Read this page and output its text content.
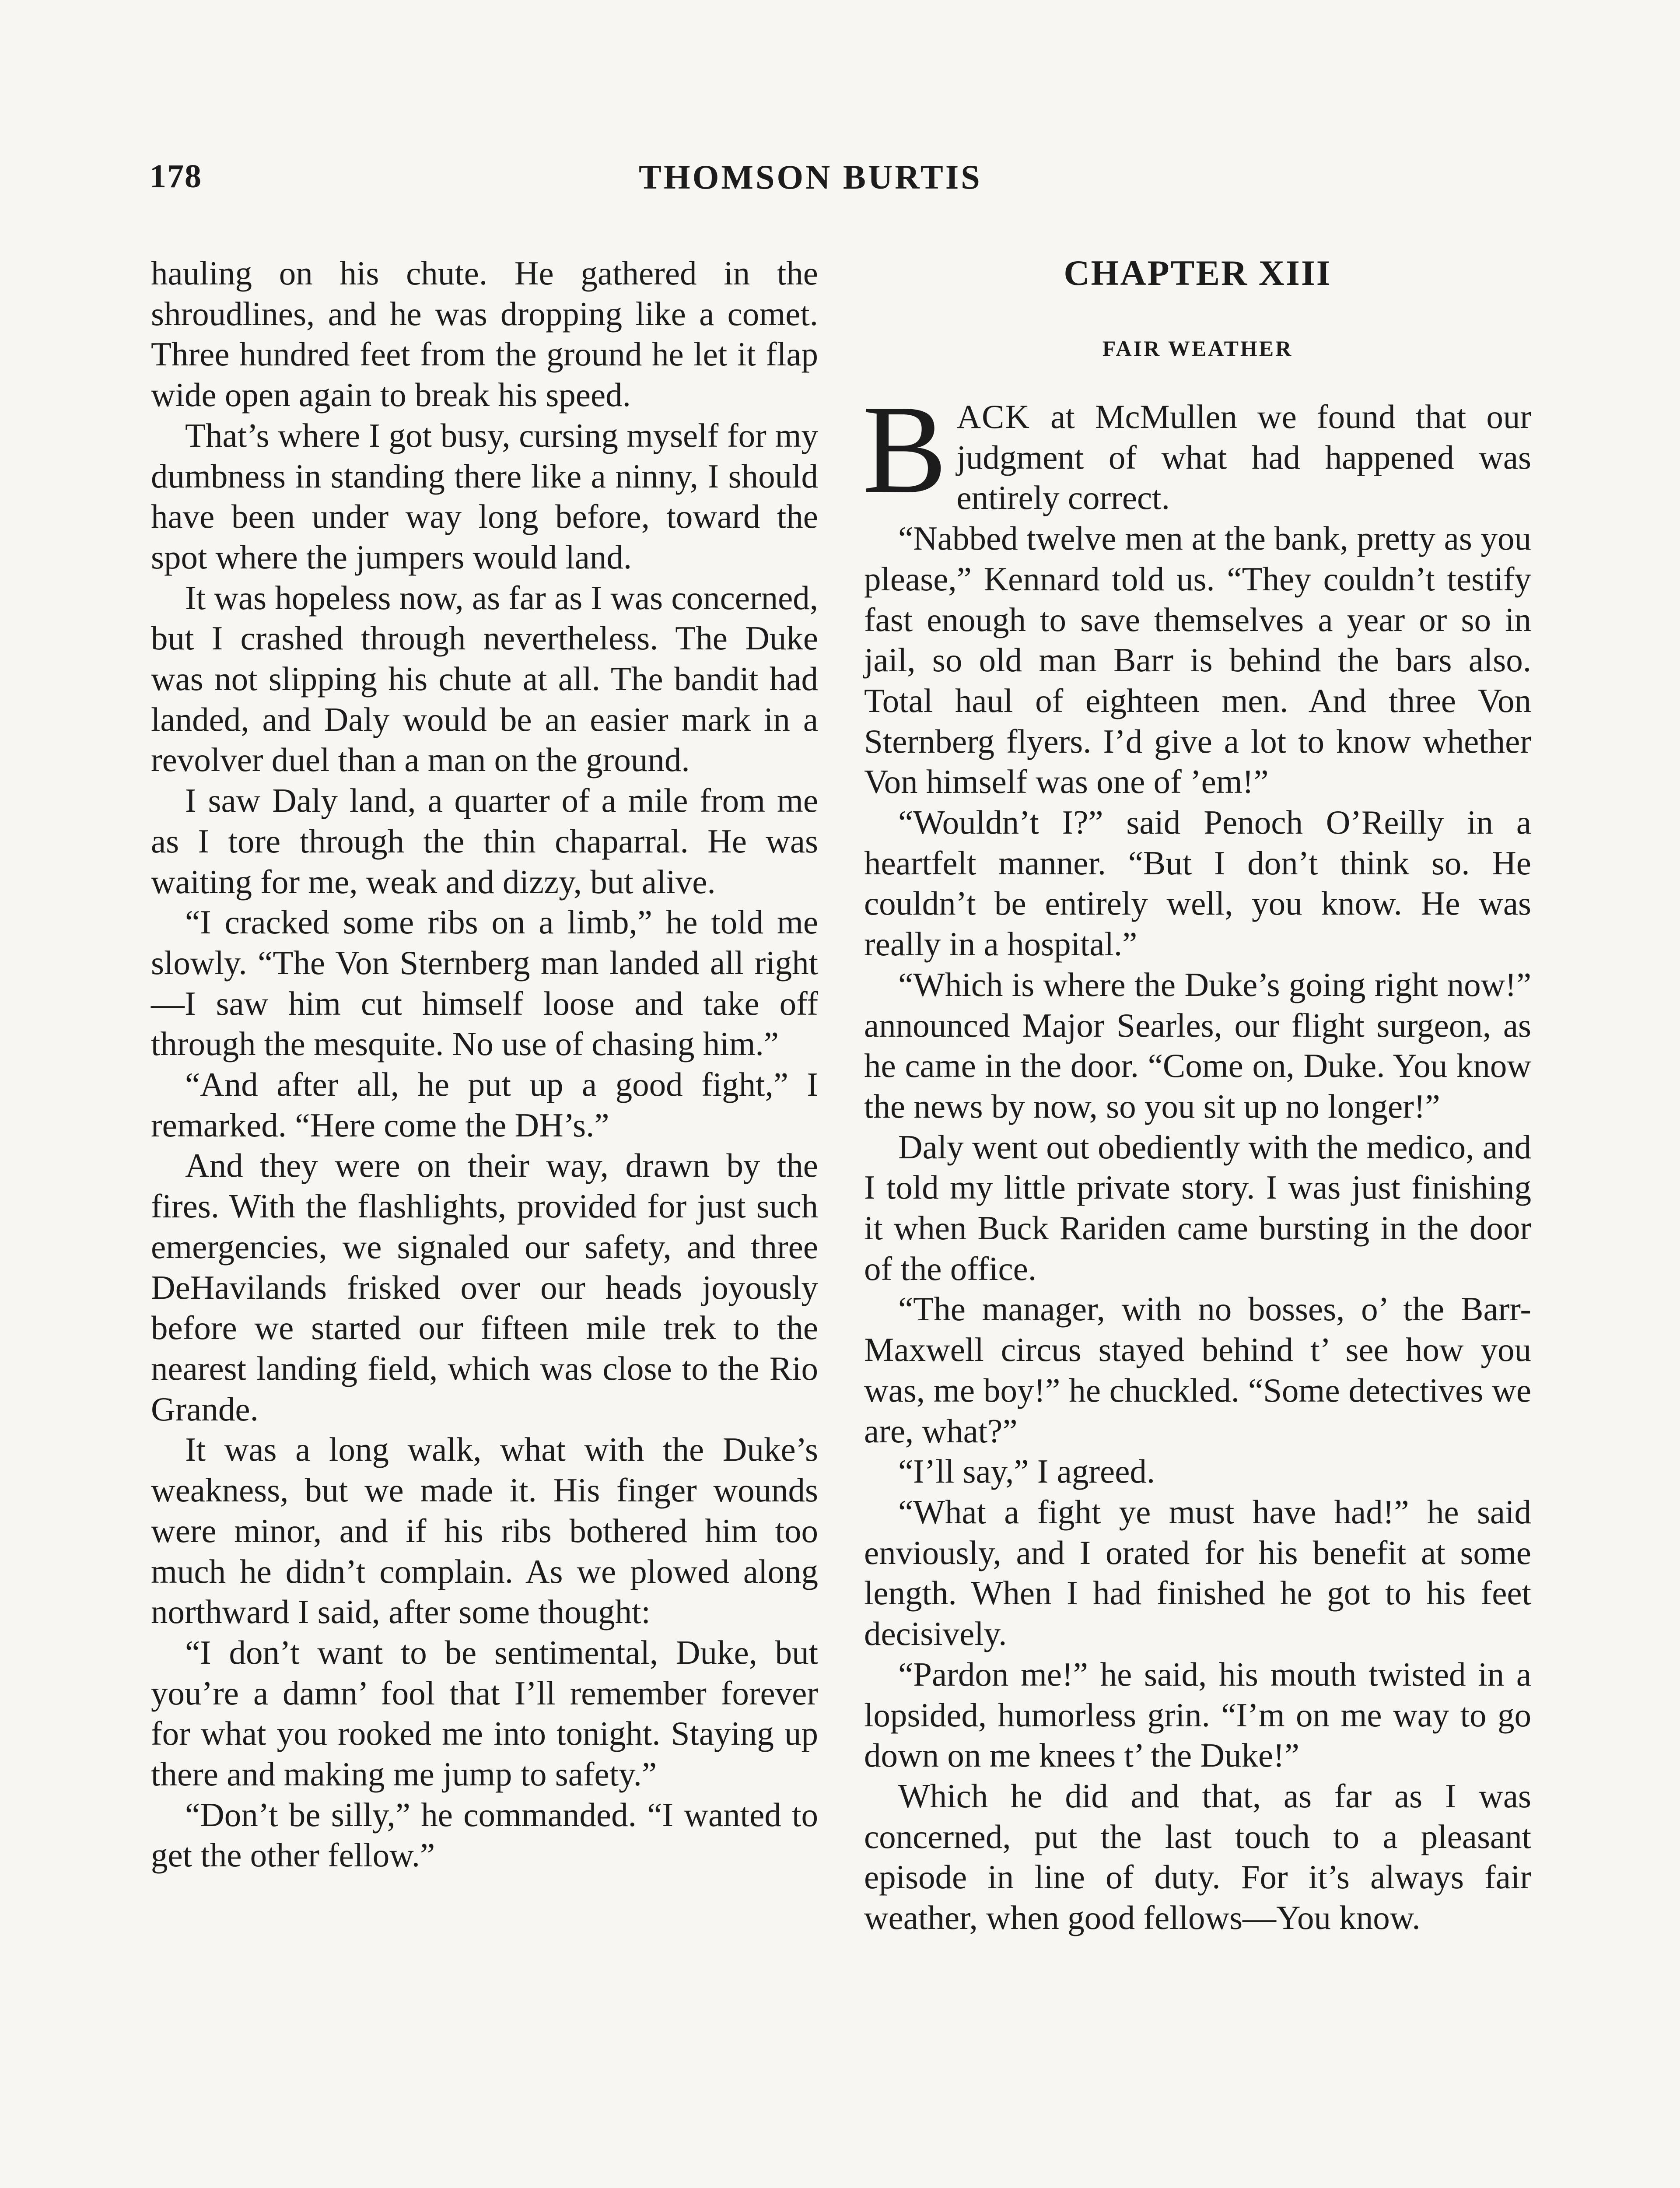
178	THOMSON BURTIS

hauling on his chute. He gathered in the shroudlines, and he was dropping like a comet. Three hundred feet from the ground he let it flap wide open again to break his speed.

That’s where I got busy, cursing myself for my dumbness in standing there like a ninny, I should have been under way long before, toward the spot where the jumpers would land.

It was hopeless now, as far as I was concerned, but I crashed through nevertheless. The Duke was not slipping his chute at all. The bandit had landed, and Daly would be an easier mark in a revolver duel than a man on the ground.

I saw Daly land, a quarter of a mile from me as I tore through the thin chaparral. He was waiting for me, weak and dizzy, but alive.

“I cracked some ribs on a limb,” he told me slowly. “The Von Sternberg man landed all right—I saw him cut himself loose and take off through the mesquite. No use of chasing him.”

“And after all, he put up a good fight,” I remarked. “Here come the DH’s.”

And they were on their way, drawn by the fires. With the flashlights, provided for just such emergencies, we signaled our safety, and three DeHavilands frisked over our heads joyously before we started our fifteen mile trek to the nearest landing field, which was close to the Rio Grande.

It was a long walk, what with the Duke’s weakness, but we made it. His finger wounds were minor, and if his ribs bothered him too much he didn’t complain. As we plowed along northward I said, after some thought:

“I don’t want to be sentimental, Duke, but you’re a damn’ fool that I’ll remember forever for what you rooked me into tonight. Staying up there and making me jump to safety.”

“Don’t be silly,” he commanded. “I wanted to get the other fellow.”

CHAPTER XIII
FAIR WEATHER

BACK at McMullen we found that our judgment of what had happened was entirely correct.

“Nabbed twelve men at the bank, pretty as you please,” Kennard told us. “They couldn’t testify fast enough to save themselves a year or so in jail, so old man Barr is behind the bars also. Total haul of eighteen men. And three Von Sternberg flyers. I’d give a lot to know whether Von himself was one of ’em!”

“Wouldn’t I?” said Penoch O’Reilly in a heartfelt manner. “But I don’t think so. He couldn’t be entirely well, you know. He was really in a hospital.”

“Which is where the Duke’s going right now!” announced Major Searles, our flight surgeon, as he came in the door. “Come on, Duke. You know the news by now, so you sit up no longer!”

Daly went out obediently with the medico, and I told my little private story. I was just finishing it when Buck Rariden came bursting in the door of the office.

“The manager, with no bosses, o’ the Barr-Maxwell circus stayed behind t’ see how you was, me boy!” he chuckled. “Some detectives we are, what?”

“I’ll say,” I agreed.

“What a fight ye must have had!” he said enviously, and I orated for his benefit at some length. When I had finished he got to his feet decisively.

“Pardon me!” he said, his mouth twisted in a lopsided, humorless grin. “I’m on me way to go down on me knees t’ the Duke!”

Which he did and that, as far as I was concerned, put the last touch to a pleasant episode in line of duty. For it’s always fair weather, when good fellows—You know.
